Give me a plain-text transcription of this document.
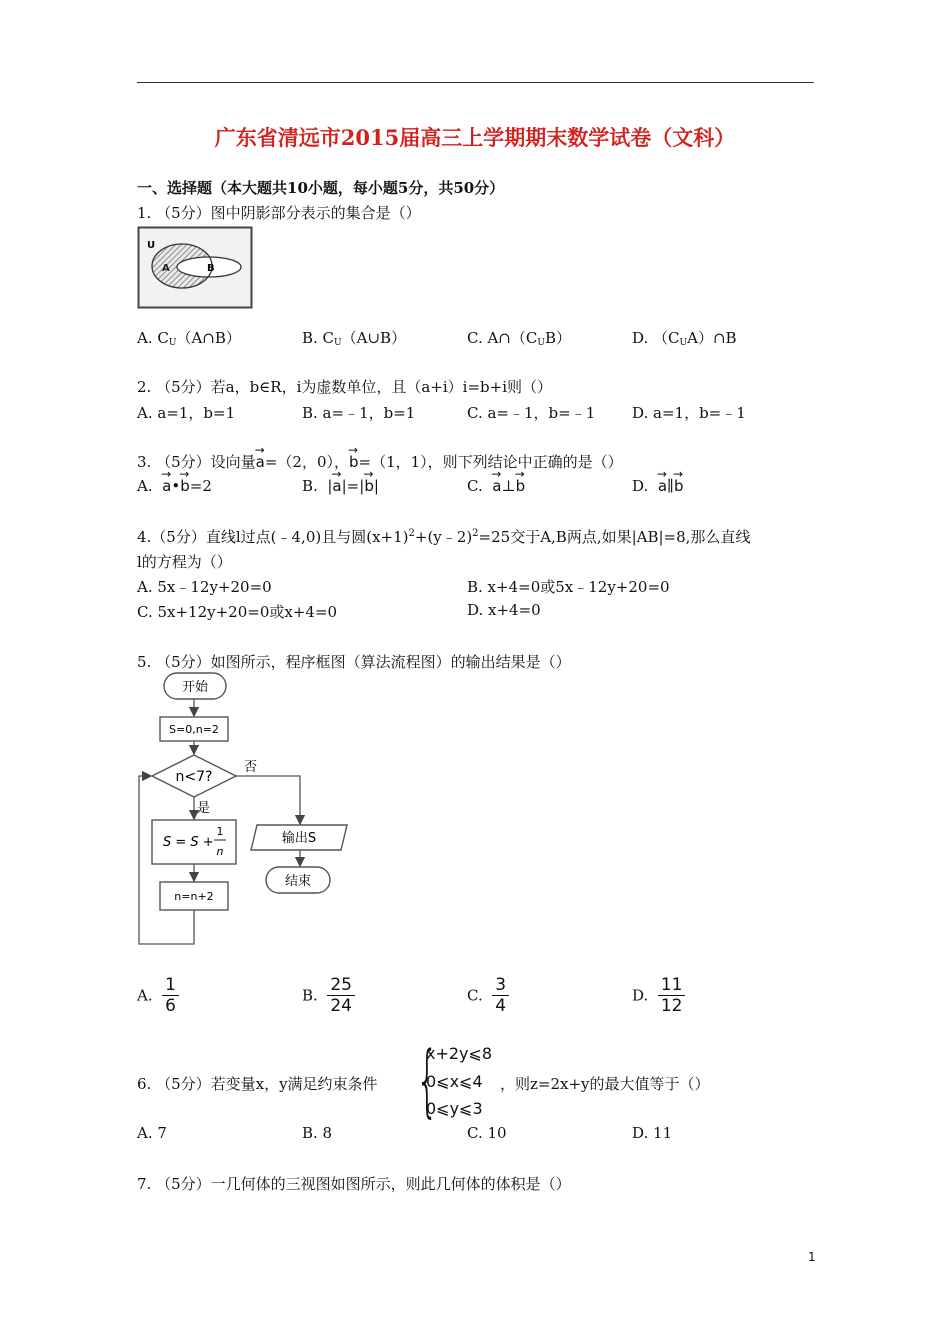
广东省清远市2015届高三上学期期末数学试卷（文科）
一、选择题（本大题共10小题，每小题5分，共50分）
1. （5分）图中阴影部分表示的集合是（）
U
A	B
A. $C_U(A\cap B)$	B. $C_U(A\cup B)$	C. $A\cap(C_UB)$	D. $(C_UA)\cap B$
2. （5分）若a，b∈R，i为虚数单位，且（a+i）i=b+i则（）
A. a=1，b=1	B. a=﹣1，b=1	C. a=﹣1，b=﹣1 D. a=1，b=﹣1
3. （5分）设向量→ a=（2，0），→ b=（1，1），则下列结论中正确的是（）
A. → a•→ b=2	B. |→ a|=|→ b|	C. → a⊥→ b	D. → a∥→ b
4.（5分）直线l过点(﹣4,0)且与圆$(x+1)^2+(y﹣2)^2=25$交于A,B两点,如果|AB|=8,那么直线
l的方程为（）
A. 5x﹣12y+20=0	B. x+4=0或5x﹣12y+20=0
C. 5x+12y+20=0或x+4=0	D. x+4=0
5. （5分）如图所示，程序框图（算法流程图）的输出结果是（）
开始
S=0,n=2
n<7?
否
是
S = S +
1
n
n=n+2
输出S
结束
A. $\frac{1}{6}$	B. $\frac{25}{24}$	C. $\frac{3}{4}$	D. $\frac{11}{12}$
6. （5分）若变量x，y满足约束条件 {
x+2y⩽8
0⩽x⩽4
0⩽y⩽3
，则z=2x+y的最大值等于（）
A. 7	B. 8	C. 10	D. 11
7. （5分）一几何体的三视图如图所示，则此几何体的体积是（）
1
